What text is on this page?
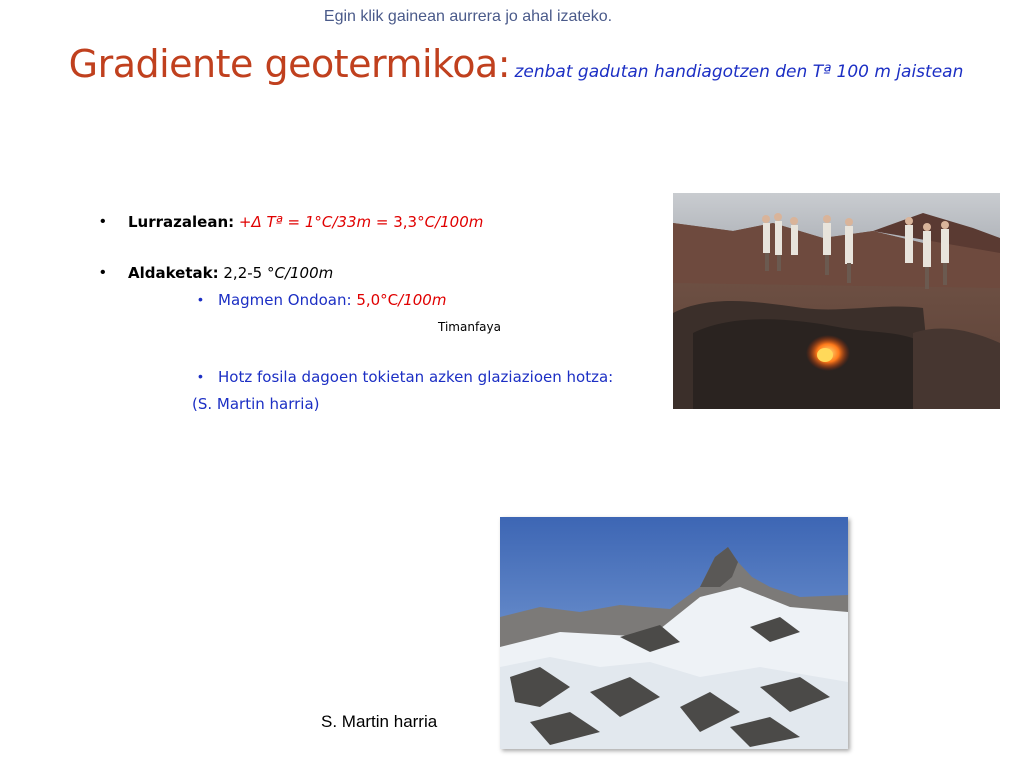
Egin klik gainean aurrera jo ahal izateko.
Gradiente geotermikoa: zenbat gadutan handiagotzen den Tª 100 m jaistean
• Lurrazalean: +Δ Tª = 1°C/33m = 3,3°C/100m
• Aldaketak: 2,2-5 °C/100m
• Magmen Ondoan: 5,0°C/100m
Timanfaya
• Hotz fosila dagoen tokietan azken glaziazioen hotza:
(S. Martin harria)
S. Martin harria
